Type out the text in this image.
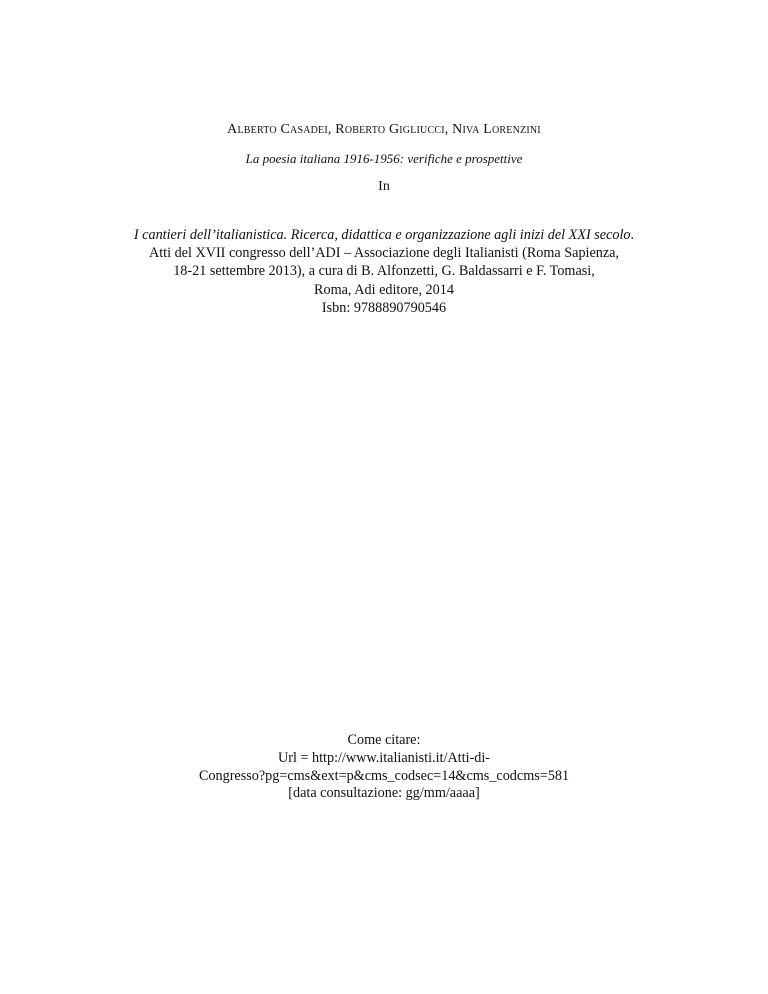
Alberto Casadei, Roberto Gigliucci, Niva Lorenzini
La poesia italiana 1916-1956: verifiche e prospettive
In
I cantieri dell’italianistica. Ricerca, didattica e organizzazione agli inizi del XXI secolo.
Atti del XVII congresso dell’ADI – Associazione degli Italianisti (Roma Sapienza,
18-21 settembre 2013), a cura di B. Alfonzetti, G. Baldassarri e F. Tomasi,
Roma, Adi editore, 2014
Isbn: 9788890790546
Come citare:
Url = http://www.italianisti.it/Atti-di-
Congresso?pg=cms&ext=p&cms_codsec=14&cms_codcms=581
[data consultazione: gg/mm/aaaa]
